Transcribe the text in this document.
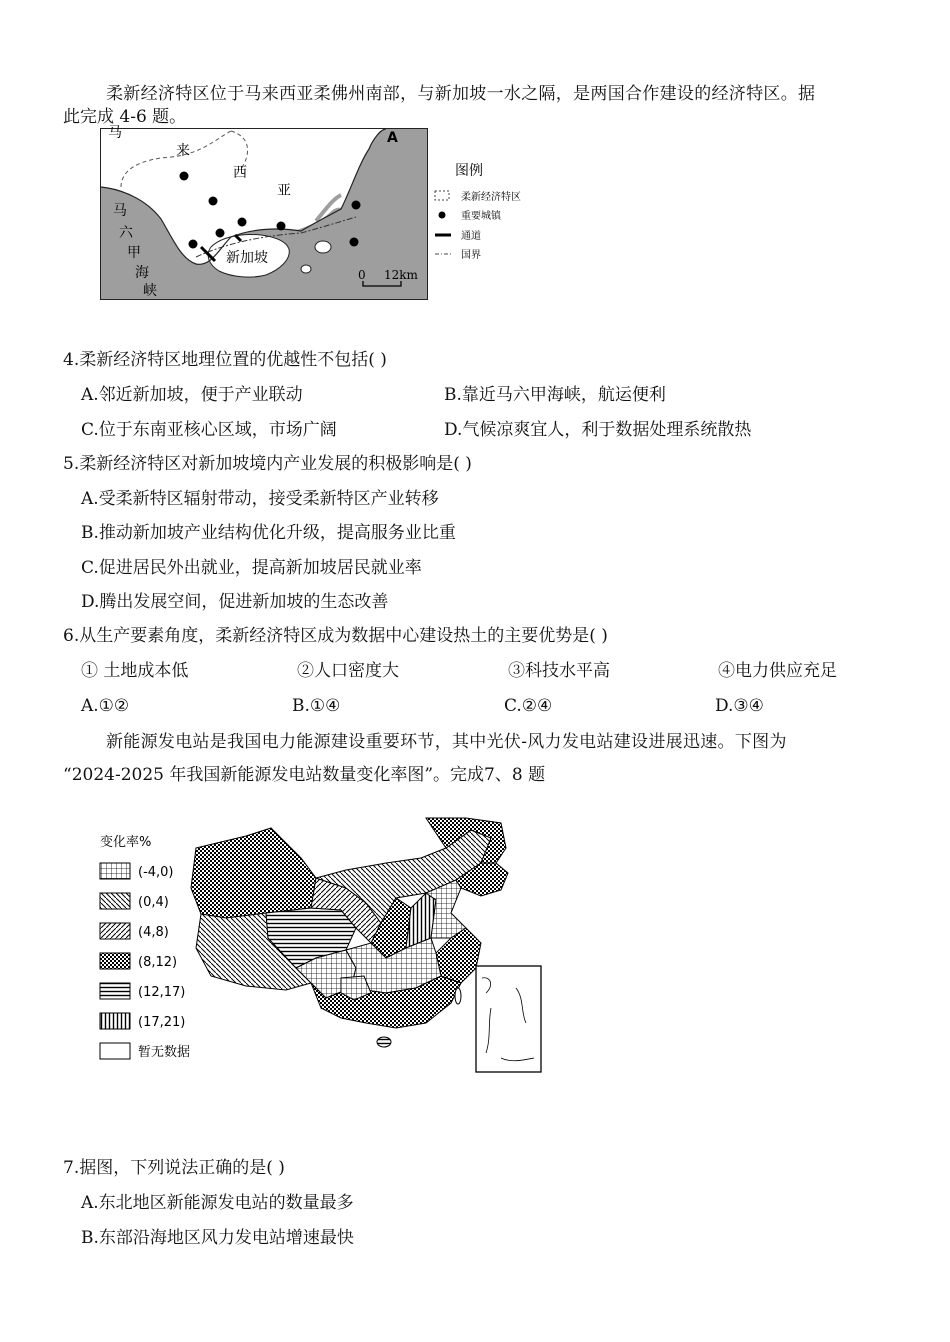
柔新经济特区位于马来西亚柔佛州南部，与新加坡一水之隔，是两国合作建设的经济特区。据
此完成 4-6 题。
马
来
西
亚
马
六
甲
海
峡
新加坡
A
图例
柔新经济特区
重要城镇
通道
国界
0 12km
4.柔新经济特区地理位置的优越性不包括( )
A.邻近新加坡，便于产业联动	B.靠近马六甲海峡，航运便利
C.位于东南亚核心区域，市场广阔	D.气候凉爽宜人，利于数据处理系统散热
5.柔新经济特区对新加坡境内产业发展的积极影响是( )
A.受柔新特区辐射带动，接受柔新特区产业转移
B.推动新加坡产业结构优化升级，提高服务业比重
C.促进居民外出就业，提高新加坡居民就业率
D.腾出发展空间，促进新加坡的生态改善
6.从生产要素角度，柔新经济特区成为数据中心建设热土的主要优势是( )
① 土地成本低	②人口密度大	③科技水平高	④电力供应充足
A.①②	B.①④	C.②④	D.③④
新能源发电站是我国电力能源建设重要环节，其中光伏-风力发电站建设进展迅速。下图为
“2024-2025 年我国新能源发电站数量变化率图”。完成7、8 题
变化率%
(-4,0)
(0,4)
(4,8)
(8,12)
(12,17)
(17,21)
暂无数据
7.据图，下列说法正确的是( )
A.东北地区新能源发电站的数量最多
B.东部沿海地区风力发电站增速最快
